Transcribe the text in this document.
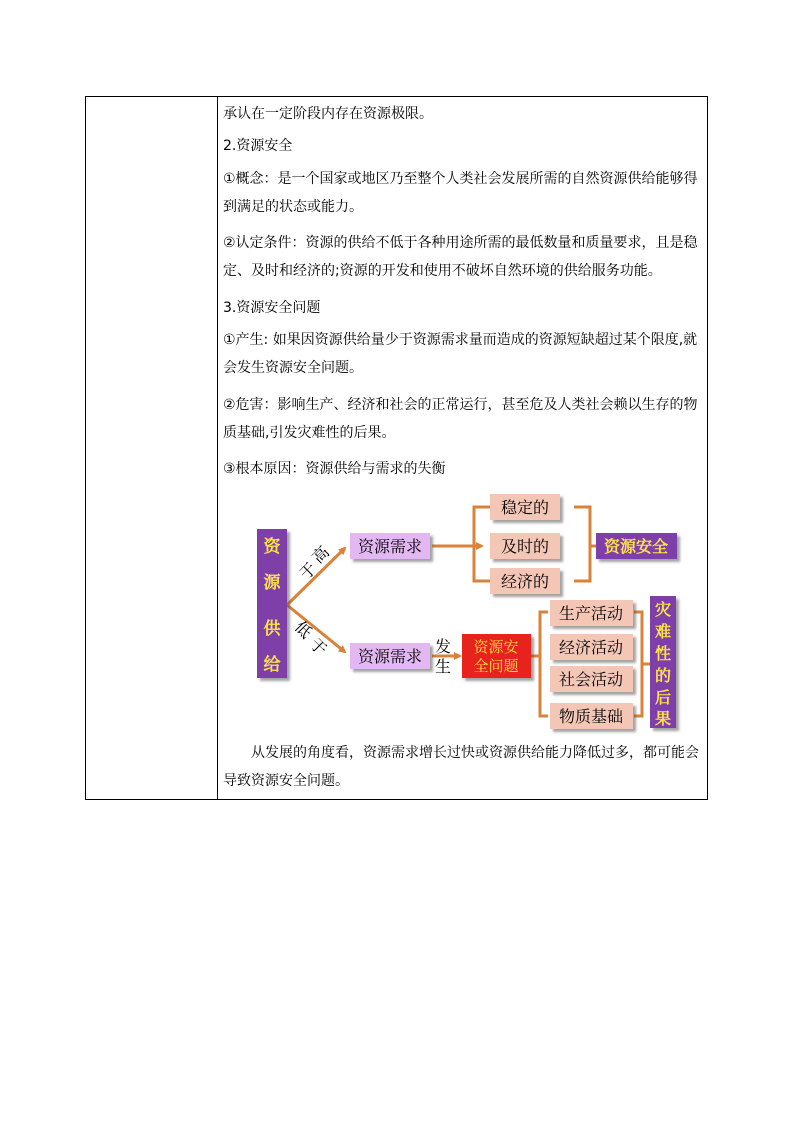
承认在一定阶段内存在资源极限。
2.资源安全
①概念：是一个国家或地区乃至整个人类社会发展所需的自然资源供给能够得
到满足的状态或能力。
②认定条件：资源的供给不低于各种用途所需的最低数量和质量要求，且是稳
定、及时和经济的;资源的开发和使用不破坏自然环境的供给服务功能。
3.资源安全问题
①产生: 如果因资源供给量少于资源需求量而造成的资源短缺超过某个限度,就
会发生资源安全问题。
②危害：影响生产、经济和社会的正常运行，甚至危及人类社会赖以生存的物
质基础,引发灾难性的后果。
③根本原因：资源供给与需求的失衡
从发展的角度看，资源需求增长过快或资源供给能力降低过多，都可能会
导致资源安全问题。
资
源
供
给
高
于
低
于
资源需求
稳定的
及时的
经济的
资源安全
资源需求
发
生
资源安
全问题
生产活动
经济活动
社会活动
物质基础
灾
难
性
的
后
果
